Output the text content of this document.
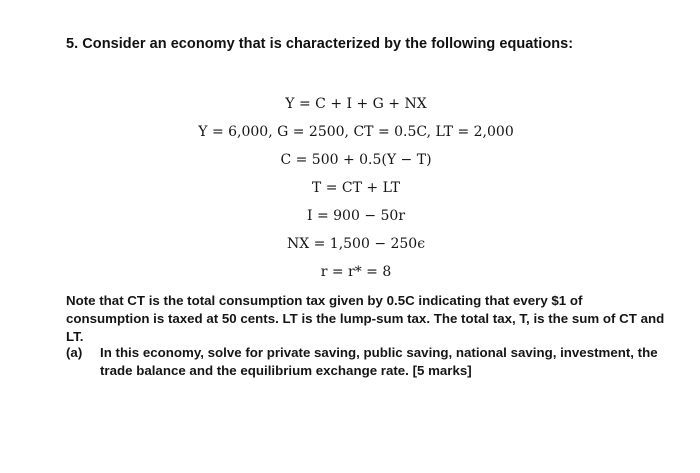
5. Consider an economy that is characterized by the following equations:
Y = C + I + G + NX
Y = 6,000, G = 2500, CT = 0.5C, LT = 2,000
C = 500 + 0.5(Y − T)
T = CT + LT
I = 900 − 50r
NX = 1,500 − 250ϵ
r = r* = 8

Note that CT is the total consumption tax given by 0.5C indicating that every $1 of consumption is taxed at 50 cents. LT is the lump-sum tax. The total tax, T, is the sum of CT and LT.

(a) In this economy, solve for private saving, public saving, national saving, investment, the trade balance and the equilibrium exchange rate. [5 marks]
